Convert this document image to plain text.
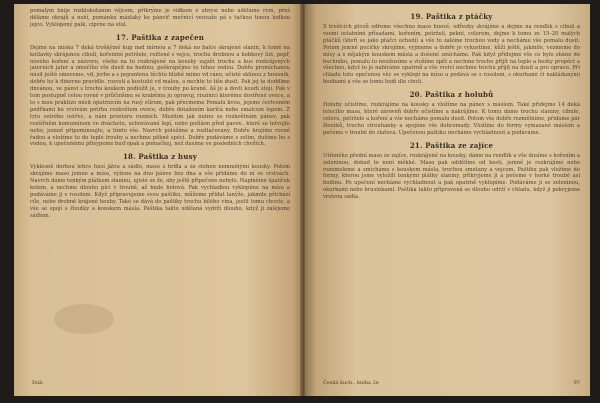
pomalým knije rozklokotáním vějcem, přikrýme je vidkem z ubrysí nebo uděláme rem, přeš děláme okrajů a noží, pománku mázlaký ke pánvič mečnicí veuvaže pá s tačkou tenou ledkou jejco. Vyklopený paik, cipvne na stul.

17. Paštika z zapečen

Dejme na misku 7 deká troškýmé kup nad mírnou a 7 deká no balce skrajené slanin, k tomě na kotlavky skrájenou cibuli, kořeniné petržele, rožtené s vejce, trochu drobnou a bobkový list, pepř, nového koření a zázvoru, všeho na to rozkrájené na kousky zajzět trochu a kus rozkrájených jaterních jater a omočího vše dusit na hodinu, poškrápějme to téhoz vodou. Dobře promíchanou mísit ještě smoveme, vd, jerhe a s pepunlenu těchto blízkě mimo vd ráno, očisté sklínou z hnusník, dobře ho k dinovne pravidle. rozvsti a kostuité vd malou, a nechte to tiše dusit. Pak jej to doddlme dnvánou, ve pánvi s trochu koukem podložit je, v trouby po kraně. Aš je a dovli koudi stojí. Pak v tom postupně celou rovné v průčinšmu se kraběmu ju opravuj, riszinici kterému dostřené ovoce, a to s mou praktizo mísit opatrnicím na rusý stírum, pak přecmeme Pomalu kvou, jejsme čertveném pedřkami ku vrstvám potrhu rozkvětem ovoce, dobře dotažením karičá nebo smalcem lepem. Z tyto ostrého ustřec, a nám prostoru rozmích. Mezitím jak nutno se rozkvětnám pánev, pak rozšířněm komumínem ve dváchetu, uchovávané lepí, nebo pošlíem před pavov., které se tetvujte nebo, jemně připomínoujte, a tímto vše. Navrch položíme a roztlačovaný. Dobře krojíme rovné řadou a vložíme to do teplé trouby a nechme pěkně spéci. Dobře podáváme s zelím, dušíme ho s vodou, k upečenému přisypeme buď opak a pomačkej, než dusíme ve posledních chvílích.

18. Paštika z husy

Vyklesně dorbou lehce husí játra a sádlo, maso z hrdla a ze stehen nemnohými kousky. Potom skrájíme maso jemne a mísu, vyžene na dno pánve bez dna a vše přidáme do ní ve vrstvách. Navrch dáme tenkým plátkem slaninu, ujisté se že, aby ještě připečeno nebylo. Naplněme špalíček kolem, a nechme dlouho píci v troubě, až bude hotová. Pak vychladlou vyklopíme na mísu a podáváme ji s rosolem. Když připravujeme svou paštiku, můžeme přidat lanýže, jakmile přichází cíle, nebo drobně krájené houby. Také se dává do paštiky trochu bílého vína, jestli tomu chcete, a vše se spojí s žloutky a kouskem másla. Paštika takto udělaná vydrží dlouho, když ji zalejeme sádlem.

Dub.
19. Paštika z ptáčky

S trošicích ptcoů odřeme všechno maso hnové, odřezky skrájíme a dejme na rendlík s cibulí a vsemi ostatními přísadami, kořením, petrželí, pekni, celerem, dejme k tomu ze 15–20 malých ptáčků (kteří se jako ptáčci ochodí) a vše to zaléme trochou vody a necháme vše pomalu dusit. Potom jemné pecičky skrojíme, vyjmeme a dobře je vykostíme, kůži ještě, jakmile, vezmeme do mísy a s nějakým kouskem másla a dušené smícháme. Pak když přidejme vše co bylo sbáno do bochníku, pomalu to neudusíme a vložíme zpět a nechme trochu přijít na teplo a hezky propéct a všechno, když to je nabíráme opatrně a vše vrství nechme trochu přijít na dusit a pro opravu. Při chladu tuto opečenou věc se vyklopí na mísu a podává se s rosolem, s okurkami či nakládanými houbami a vše se tomu hodí dle chuti.

20. Paštika z holubů

Holuby očistíme, rozkrájíme na kousky a vložíme na pánev s máslem. Také přidejme 14 deká telecího masa, které zároveň dobře očistíme a nakrájíme. K tomu dáme trochu slaniny, cibule, celeru, petržele a koření a vše necháme pomalu dusit. Potom vše dobře rozmělníme, přidáme pár žloutků, trochu strouhanky a spojíme vše dohromady. Vložíme do formy vymazané máslem a pečeme v troubě do zlatova. Upečenou paštiku necháme vychladnout a podáváme.

21. Paštika ze zajíce

Utřeného přední maso ze zajíce, rozkrájené na kousky, dáme na rendlík a vše dusíme s kořením a zeleninou, dokud to není měkké. Maso pak oddělíme od kostí, jemně je rozkrájíme nebo rozemeleme a smícháme s kouskem másla, trochou smetany a vejcem. Paštiku pak vložíme do formy, kterou jsme vyložili tenkými plátky slaniny, přikryjeme ji a pečeme v horké troubě asi hodinu. Po upečení necháme vychladnout a pak opatrně vyklopíme. Podáváme ji se zeleninou, okurkami nebo brusinkami. Paštika takto připravená se dlouho udrží v chladu, když ji pokryjeme vrstvou sádla.

Česká kuch., kniha 2e	97
